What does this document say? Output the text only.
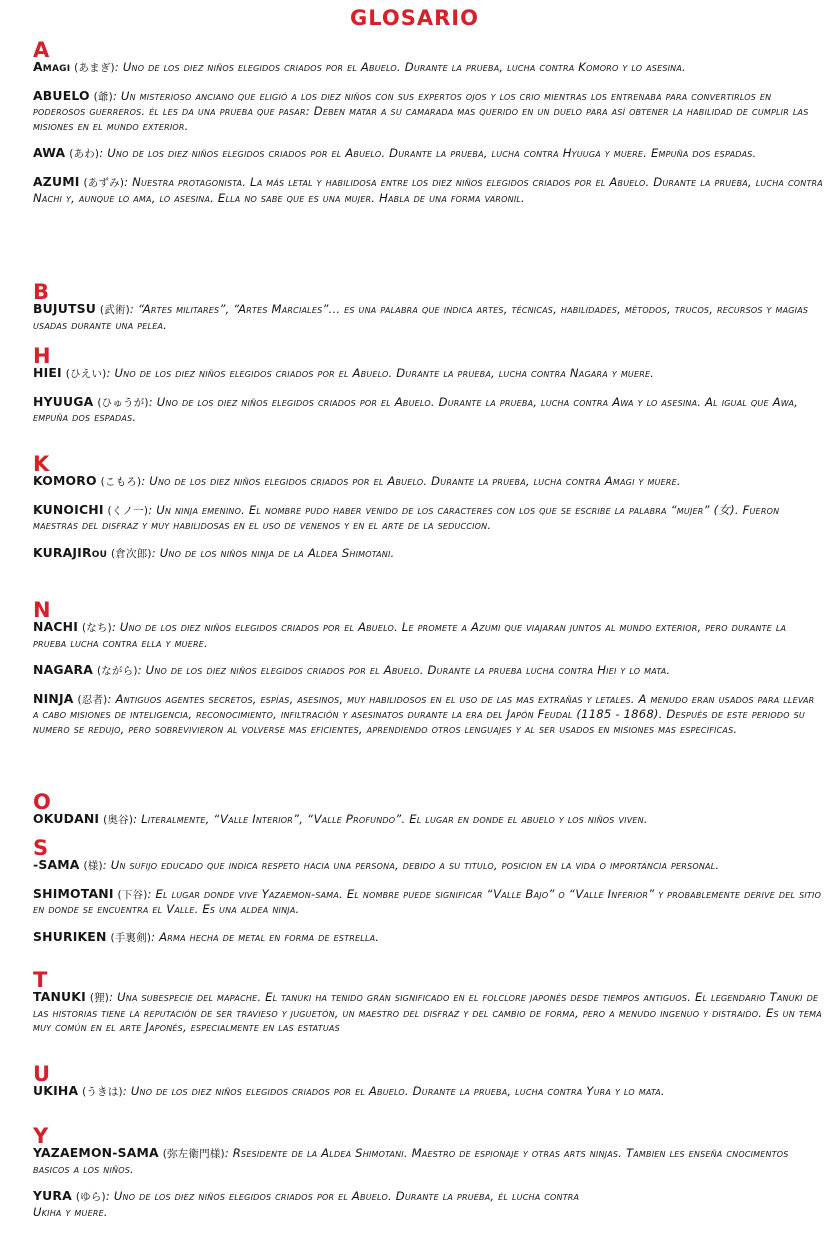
GLOSARIO
A

Amagi (あまぎ): Uno de los diez niños elegidos criados por el Abuelo. Durante la prueba, lucha contra Komoro y lo asesina.

ABUELO (爺): Un misterioso anciano que eligió a los diez niños con sus expertos ojos y los crio mientras los entrenaba para convertirlos en poderosos guerreros. él les da una prueba que pasar: Deben matar a su camarada mas querido en un duelo para así obtener la habilidad de cumplir las misiones en el mundo exterior.

AWA (あわ): Uno de los diez niños elegidos criados por el Abuelo. Durante la prueba, lucha contra Hyuuga y muere. Empuña dos espadas.

AZUMI (あずみ): Nuestra protagonista. La más letal y habilidosa entre los diez niños elegidos criados por el Abuelo. Durante la prueba, lucha contra Nachi y, aunque lo ama, lo asesina. Ella no sabe que es una mujer. Habla de una forma varonil.

B

BUJUTSU (武術): “Artes militares”, “Artes Marciales”... es una palabra que indica artes, técnicas, habilidades, métodos, trucos, recursos y magias usadas durante una pelea.

H

HIEI (ひえい): Uno de los diez niños elegidos criados por el Abuelo. Durante la prueba, lucha contra Nagara y muere.

HYUUGA (ひゅうが): Uno de los diez niños elegidos criados por el Abuelo. Durante la prueba, lucha contra Awa y lo asesina. Al igual que Awa, empuña dos espadas.

K

KOMORO (こもろ): Uno de los diez niños elegidos criados por el Abuelo. Durante la prueba, lucha contra Amagi y muere.

KUNOICHI (くノ一): Un ninja emenino. El nombre pudo haber venido de los caracteres con los que se escribe la palabra “mujer” (女). Fueron maestras del disfraz y muy habilidosas en el uso de venenos y en el arte de la seduccion.

KURAJIRou (倉次郎): Uno de los niños ninja de la Aldea Shimotani.

N

NACHI (なち): Uno de los diez niños elegidos criados por el Abuelo. Le promete a Azumi que viajaran juntos al mundo exterior, pero durante la prueba lucha contra ella y muere.

NAGARA (ながら): Uno de los diez niños elegidos criados por el Abuelo. Durante la prueba lucha contra Hiei y lo mata.

NINJA (忍者): Antiguos agentes secretos, espías, asesinos, muy habilidosos en el uso de las mas extrañas y letales. A menudo eran usados para llevar a cabo misiones de inteligencia, reconocimiento, infiltración y asesinatos durante la era del Japón Feudal (1185 - 1868). Después de este periodo su numero se redujo, pero sobrevivieron al volverse mas eficientes, aprendiendo otros lenguajes y al ser usados en misiones mas especificas.

O

OKUDANI (奥谷): Literalmente, “Valle Interior”, “Valle Profundo”. El lugar en donde el abuelo y los niños viven.

S

-SAMA (様): Un sufijo educado que indica respeto hacia una persona, debido a su titulo, posicion en la vida o importancia personal.

SHIMOTANI (下谷): El lugar donde vive Yazaemon-sama. El nombre puede significar “Valle Bajo” o “Valle Inferior” y probablemente derive del sitio en donde se encuentra el Valle. Es una aldea ninja.

SHURIKEN (手裏剣): Arma hecha de metal en forma de estrella.

T

TANUKI (狸): Una subespecie del mapache. El tanuki ha tenido gran significado en el folclore japonés desde tiempos antiguos. El legendario Tanuki de las historias tiene la reputación de ser travieso y juguetón, un maestro del disfraz y del cambio de forma, pero a menudo ingenuo y distraido. Es un tema muy común en el arte Japonés, especialmente en las estatuas

U

UKIHA (うきは): Uno de los diez niños elegidos criados por el Abuelo. Durante la prueba, lucha contra Yura y lo mata.

Y

YAZAEMON-SAMA (弥左衛門様): Rsesidente de la Aldea Shimotani. Maestro de espionaje y otras arts ninjas. Tambien les enseña cnocimentos basicos a los niños.

YURA (ゆら): Uno de los diez niños elegidos criados por el Abuelo. Durante la prueba, él lucha contra Ukiha y muere.
